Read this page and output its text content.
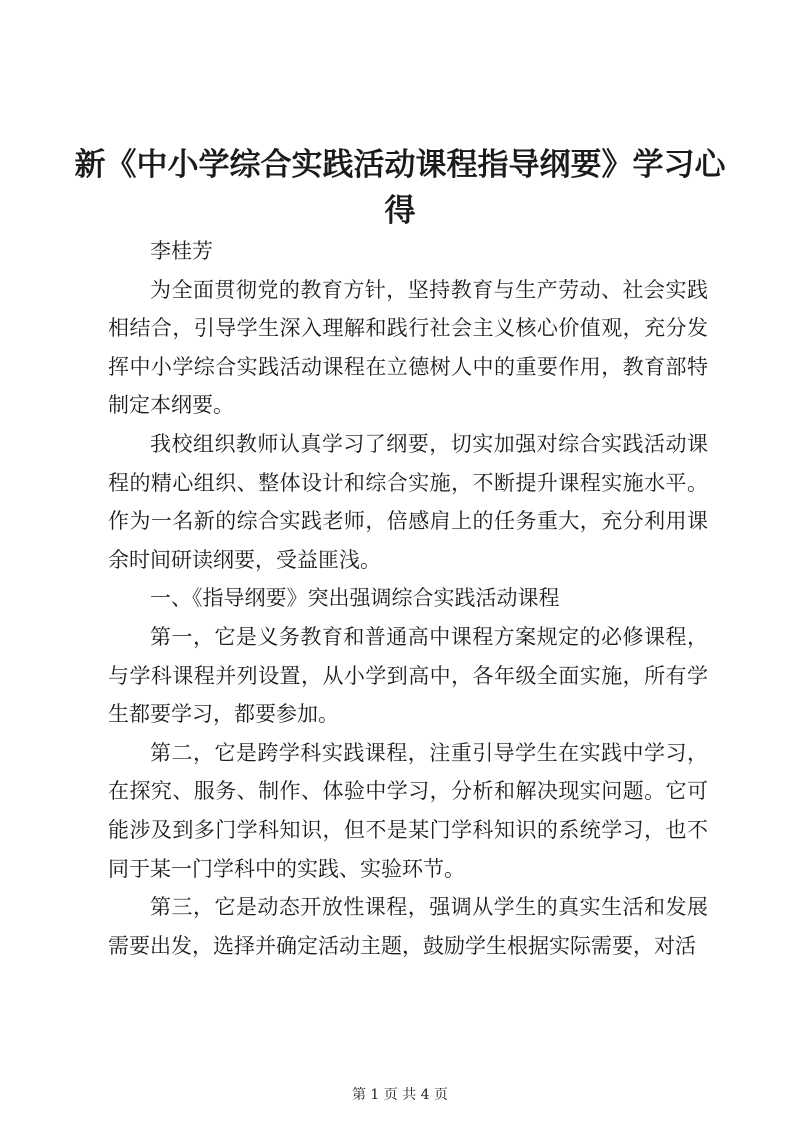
新《中小学综合实践活动课程指导纲要》学习心得

李桂芳

为全面贯彻党的教育方针，坚持教育与生产劳动、社会实践相结合，引导学生深入理解和践行社会主义核心价值观，充分发挥中小学综合实践活动课程在立德树人中的重要作用，教育部特制定本纲要。

我校组织教师认真学习了纲要，切实加强对综合实践活动课程的精心组织、整体设计和综合实施，不断提升课程实施水平。作为一名新的综合实践老师，倍感肩上的任务重大，充分利用课余时间研读纲要，受益匪浅。

一、《指导纲要》突出强调综合实践活动课程

第一，它是义务教育和普通高中课程方案规定的必修课程，与学科课程并列设置，从小学到高中，各年级全面实施，所有学生都要学习，都要参加。

第二，它是跨学科实践课程，注重引导学生在实践中学习，在探究、服务、制作、体验中学习，分析和解决现实问题。它可能涉及到多门学科知识，但不是某门学科知识的系统学习，也不同于某一门学科中的实践、实验环节。

第三，它是动态开放性课程，强调从学生的真实生活和发展需要出发，选择并确定活动主题，鼓励学生根据实际需要，对活

第 1 页 共 4 页
